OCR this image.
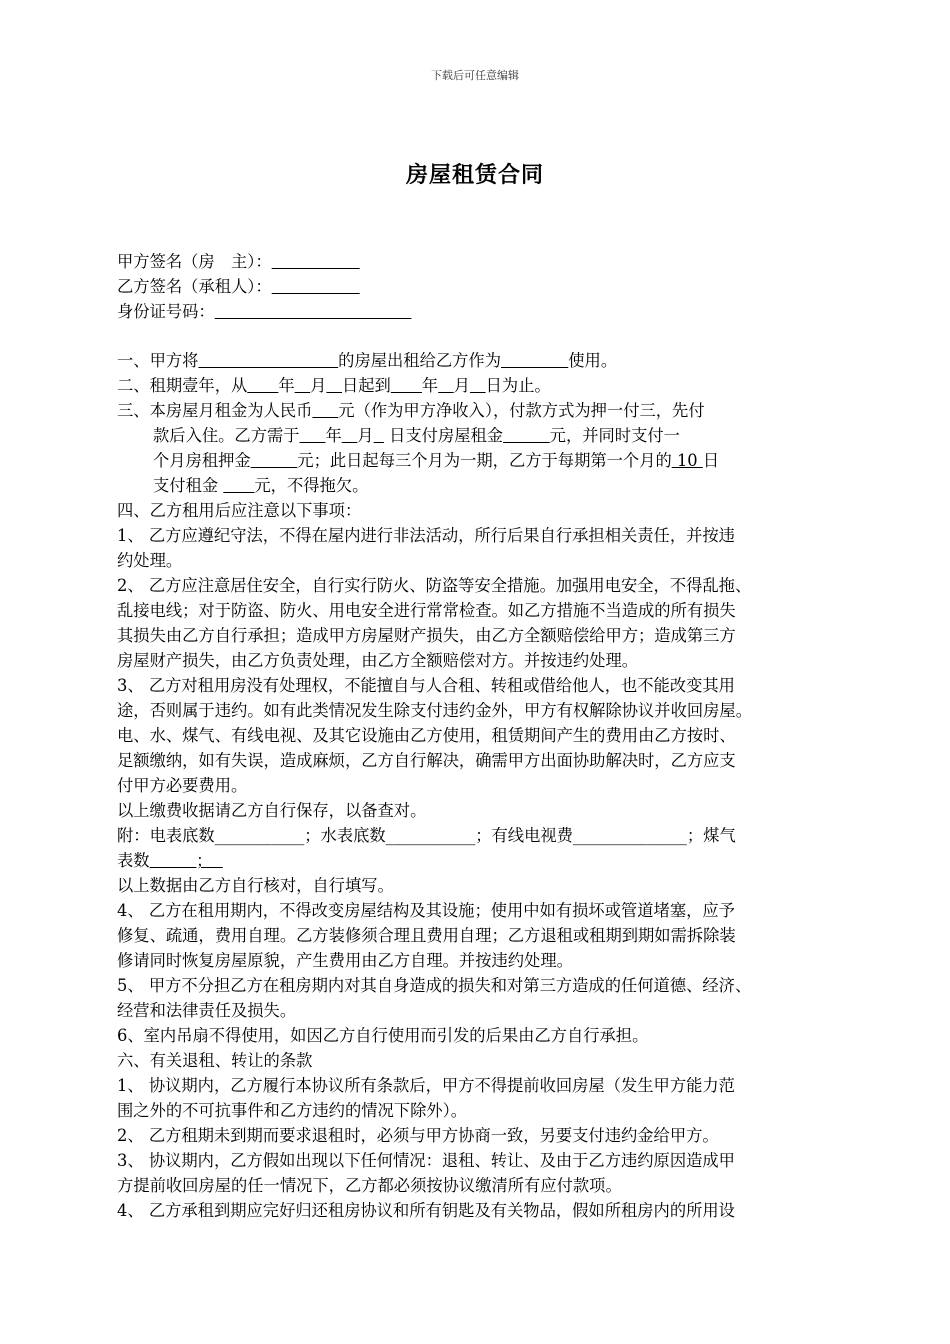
下载后可任意编辑
房屋租赁合同
甲方签名（房　主）：
乙方签名（承租人）：
身份证号码：
一、甲方将	的房屋出租给乙方作为	使用。
二、租期壹年，从 年 月 日起到 年 月 日为止。
三、本房屋月租金为人民币 元（作为甲方净收入），付款方式为押一付三，先付
款后入住。乙方需于 年 月   日支付房屋租金	元，并同时支付一
个月房租押金	元；此日起每三个月为一期，乙方于每期第一个月的 10 日
支付租金       元，不得拖欠。
四、乙方租用后应注意以下事项：
1、 乙方应遵纪守法，不得在屋内进行非法活动，所行后果自行承担相关责任，并按违
约处理。
2、 乙方应注意居住安全，自行实行防火、防盗等安全措施。加强用电安全，不得乱拖、
乱接电线；对于防盗、防火、用电安全进行常常检查。如乙方措施不当造成的所有损失
其损失由乙方自行承担；造成甲方房屋财产损失，由乙方全额赔偿给甲方；造成第三方
房屋财产损失，由乙方负责处理，由乙方全额赔偿对方。并按违约处理。
3、 乙方对租用房没有处理权，不能擅自与人合租、转租或借给他人，也不能改变其用
途，否则属于违约。如有此类情况发生除支付违约金外，甲方有权解除协议并收回房屋。
电、水、煤气、有线电视、及其它设施由乙方使用，租赁期间产生的费用由乙方按时、
足额缴纳，如有失误，造成麻烦，乙方自行解决，确需甲方出面协助解决时，乙方应支
付甲方必要费用。
以上缴费收据请乙方自行保存，以备查对。
附：电表底数___________；水表底数___________；有线电视费______________；煤气
表数	；
以上数据由乙方自行核对，自行填写。
4、 乙方在租用期内，不得改变房屋结构及其设施；使用中如有损坏或管道堵塞，应予
修复、疏通，费用自理。乙方装修须合理且费用自理；乙方退租或租期到期如需拆除装
修请同时恢复房屋原貌，产生费用由乙方自理。并按违约处理。
5、 甲方不分担乙方在租房期内对其自身造成的损失和对第三方造成的任何道德、经济、
经营和法律责任及损失。
6、室内吊扇不得使用，如因乙方自行使用而引发的后果由乙方自行承担。
六、有关退租、转让的条款
1、 协议期内，乙方履行本协议所有条款后，甲方不得提前收回房屋（发生甲方能力范
围之外的不可抗事件和乙方违约的情况下除外）。
2、 乙方租期未到期而要求退租时，必须与甲方协商一致，另要支付违约金给甲方。
3、 协议期内，乙方假如出现以下任何情况：退租、转让、及由于乙方违约原因造成甲
方提前收回房屋的任一情况下，乙方都必须按协议缴清所有应付款项。
4、 乙方承租到期应完好归还租房协议和所有钥匙及有关物品，假如所租房内的所用设
